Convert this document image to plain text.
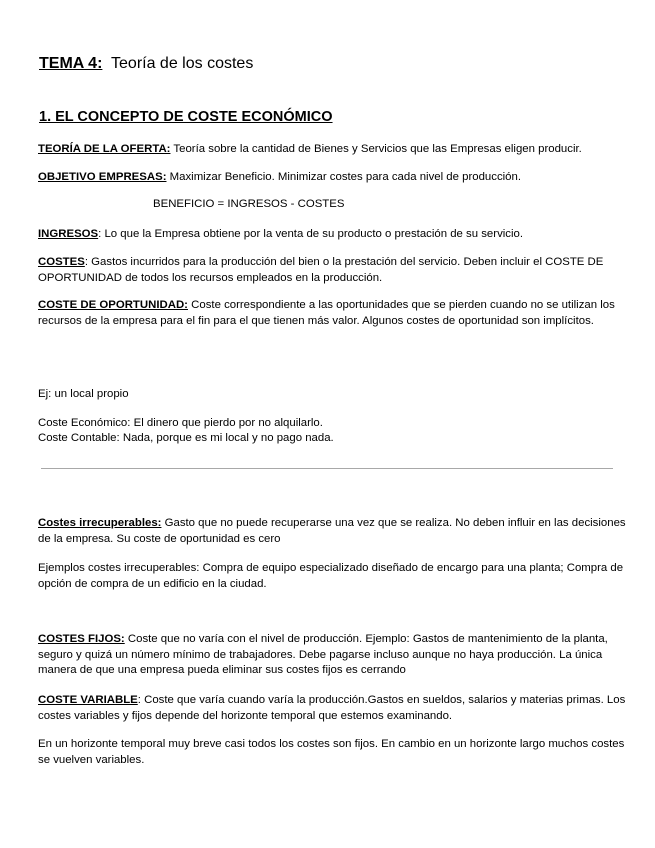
TEMA 4: Teoría de los costes
1. EL CONCEPTO DE COSTE ECONÓMICO
TEORÍA DE LA OFERTA: Teoría sobre la cantidad de Bienes y Servicios que las Empresas eligen producir.
OBJETIVO EMPRESAS: Maximizar Beneficio. Minimizar costes para cada nivel de producción.
BENEFICIO = INGRESOS - COSTES
INGRESOS: Lo que la Empresa obtiene por la venta de su producto o prestación de su servicio.
COSTES: Gastos incurridos para la producción del bien o la prestación del servicio. Deben incluir el COSTE DE OPORTUNIDAD de todos los recursos empleados en la producción.
COSTE DE OPORTUNIDAD: Coste correspondiente a las oportunidades que se pierden cuando no se utilizan los recursos de la empresa para el fin para el que tienen más valor. Algunos costes de oportunidad son implícitos.
Ej: un local propio
Coste Económico: El dinero que pierdo por no alquilarlo.
Coste Contable: Nada, porque es mi local y no pago nada.
Costes irrecuperables: Gasto que no puede recuperarse una vez que se realiza. No deben influir en las decisiones de la empresa. Su coste de oportunidad es cero
Ejemplos costes irrecuperables: Compra de equipo especializado diseñado de encargo para una planta; Compra de opción de compra de un edificio en la ciudad.
COSTES FIJOS: Coste que no varía con el nivel de producción. Ejemplo: Gastos de mantenimiento de la planta, seguro y quizá un número mínimo de trabajadores. Debe pagarse incluso aunque no haya producción. La única manera de que una empresa pueda eliminar sus costes fijos es cerrando
COSTE VARIABLE: Coste que varía cuando varía la producción.Gastos en sueldos, salarios y materias primas. Los costes variables y fijos depende del horizonte temporal que estemos examinando.
En un horizonte temporal muy breve casi todos los costes son fijos. En cambio en un horizonte largo muchos costes se vuelven variables.
